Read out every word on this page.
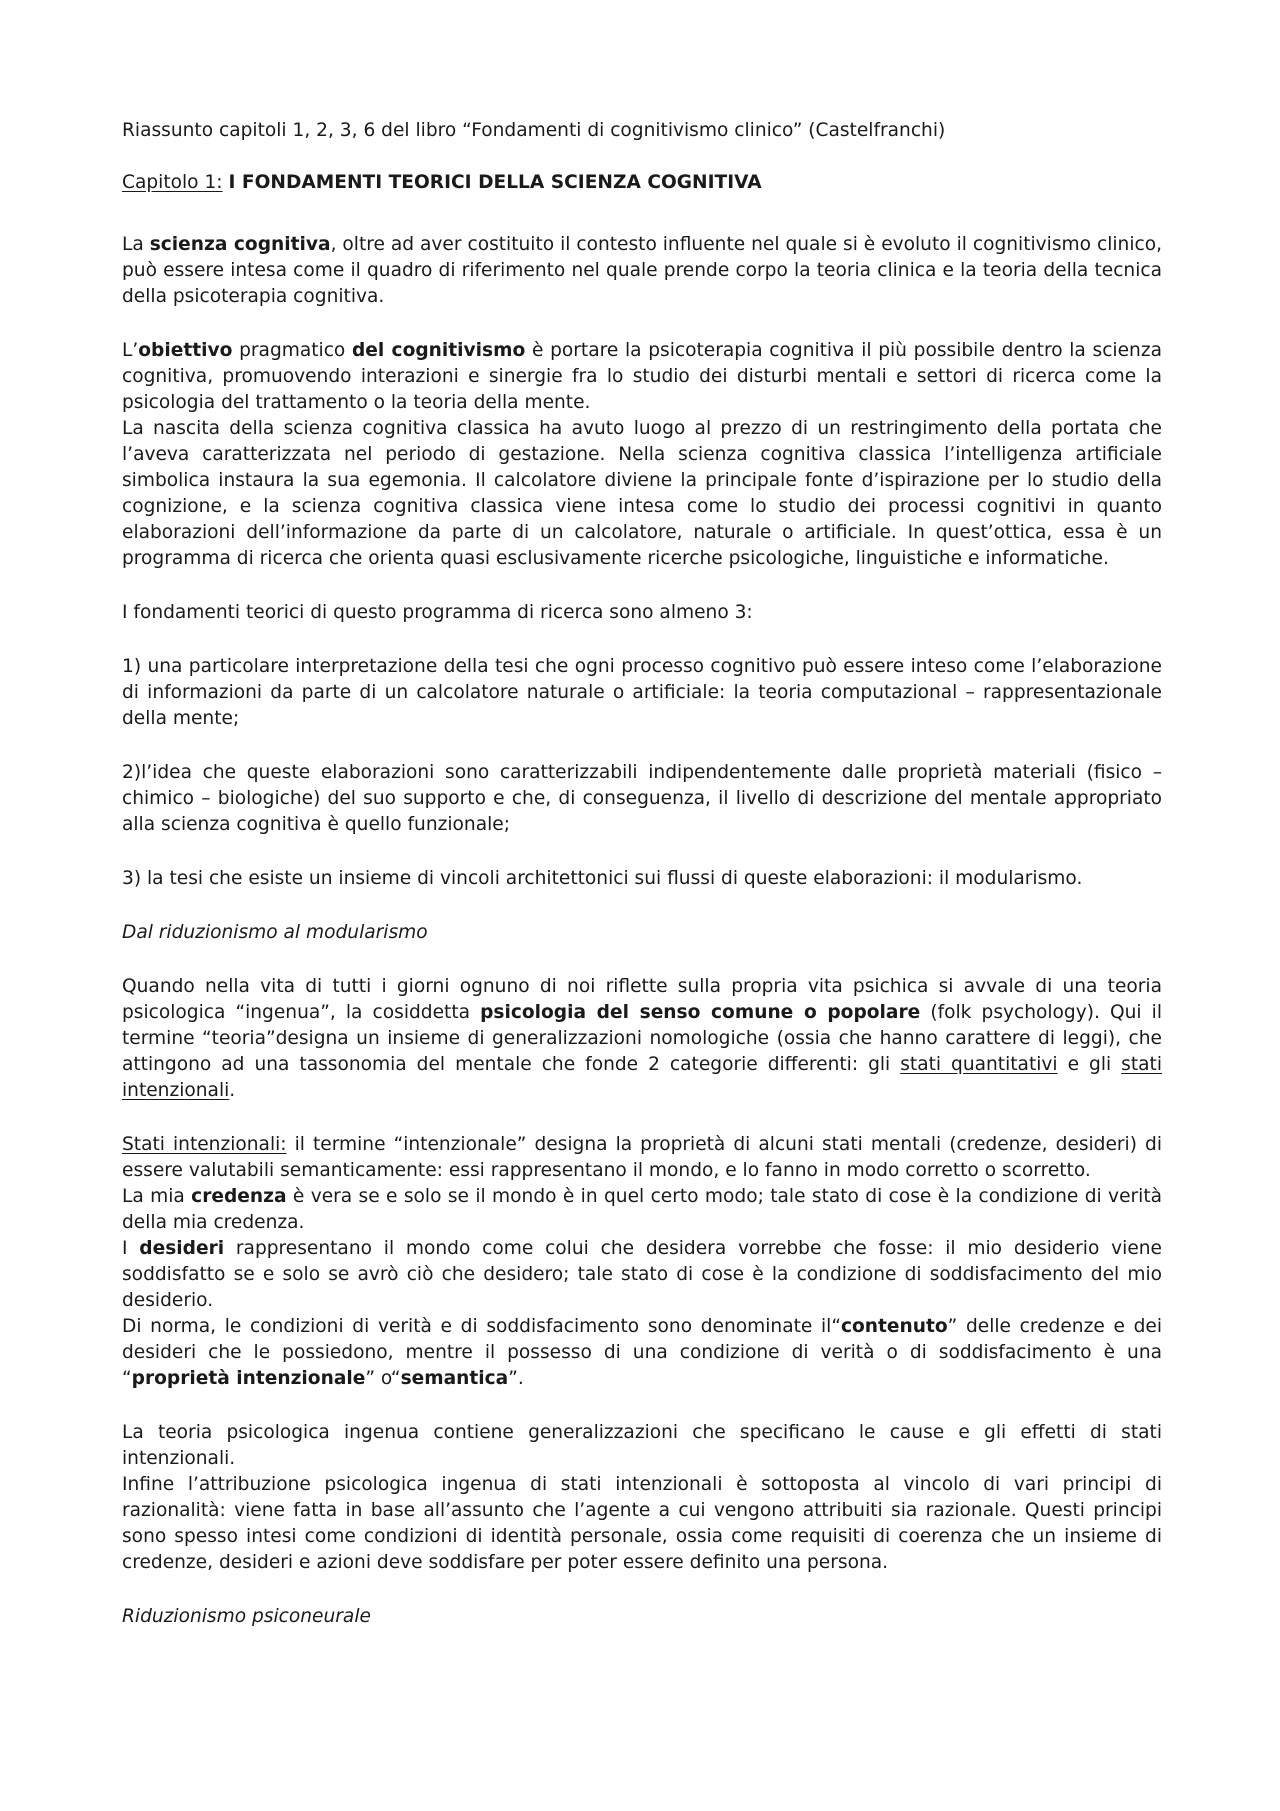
Riassunto capitoli 1, 2, 3, 6 del libro “Fondamenti di cognitivismo clinico” (Castelfranchi)

Capitolo 1: I FONDAMENTI TEORICI DELLA SCIENZA COGNITIVA

La scienza cognitiva, oltre ad aver costituito il contesto influente nel quale si è evoluto il cognitivismo clinico, può essere intesa come il quadro di riferimento nel quale prende corpo la teoria clinica e la teoria della tecnica della psicoterapia cognitiva.

L’obiettivo pragmatico del cognitivismo è portare la psicoterapia cognitiva il più possibile dentro la scienza cognitiva, promuovendo interazioni e sinergie fra lo studio dei disturbi mentali e settori di ricerca come la psicologia del trattamento o la teoria della mente.

La nascita della scienza cognitiva classica ha avuto luogo al prezzo di un restringimento della portata che l’aveva caratterizzata nel periodo di gestazione. Nella scienza cognitiva classica l’intelligenza artificiale simbolica instaura la sua egemonia. Il calcolatore diviene la principale fonte d’ispirazione per lo studio della cognizione, e la scienza cognitiva classica viene intesa come lo studio dei processi cognitivi in quanto elaborazioni dell’informazione da parte di un calcolatore, naturale o artificiale. In quest’ottica, essa è un programma di ricerca che orienta quasi esclusivamente ricerche psicologiche, linguistiche e informatiche.

I fondamenti teorici di questo programma di ricerca sono almeno 3:

1) una particolare interpretazione della tesi che ogni processo cognitivo può essere inteso come l’elaborazione di informazioni da parte di un calcolatore naturale o artificiale: la teoria computazional – rappresentazionale della mente;

2)l’idea che queste elaborazioni sono caratterizzabili indipendentemente dalle proprietà materiali (fisico – chimico – biologiche) del suo supporto e che, di conseguenza, il livello di descrizione del mentale appropriato alla scienza cognitiva è quello funzionale;

3) la tesi che esiste un insieme di vincoli architettonici sui flussi di queste elaborazioni: il modularismo.

Dal riduzionismo al modularismo

Quando nella vita di tutti i giorni ognuno di noi riflette sulla propria vita psichica si avvale di una teoria psicologica “ingenua”, la cosiddetta psicologia del senso comune o popolare (folk psychology). Qui il termine “teoria”designa un insieme di generalizzazioni nomologiche (ossia che hanno carattere di leggi), che attingono ad una tassonomia del mentale che fonde 2 categorie differenti: gli stati quantitativi e gli stati intenzionali.

Stati intenzionali: il termine “intenzionale” designa la proprietà di alcuni stati mentali (credenze, desideri) di essere valutabili semanticamente: essi rappresentano il mondo, e lo fanno in modo corretto o scorretto.

La mia credenza è vera se e solo se il mondo è in quel certo modo; tale stato di cose è la condizione di verità della mia credenza.

I desideri rappresentano il mondo come colui che desidera vorrebbe che fosse: il mio desiderio viene soddisfatto se e solo se avrò ciò che desidero; tale stato di cose è la condizione di soddisfacimento del mio desiderio.

Di norma, le condizioni di verità e di soddisfacimento sono denominate il“contenuto” delle credenze e dei desideri che le possiedono, mentre il possesso di una condizione di verità o di soddisfacimento è una “proprietà intenzionale” o“semantica”.

La teoria psicologica ingenua contiene generalizzazioni che specificano le cause e gli effetti di stati intenzionali.

Infine l’attribuzione psicologica ingenua di stati intenzionali è sottoposta al vincolo di vari principi di razionalità: viene fatta in base all’assunto che l’agente a cui vengono attribuiti sia razionale. Questi principi sono spesso intesi come condizioni di identità personale, ossia come requisiti di coerenza che un insieme di credenze, desideri e azioni deve soddisfare per poter essere definito una persona.

Riduzionismo psiconeurale
